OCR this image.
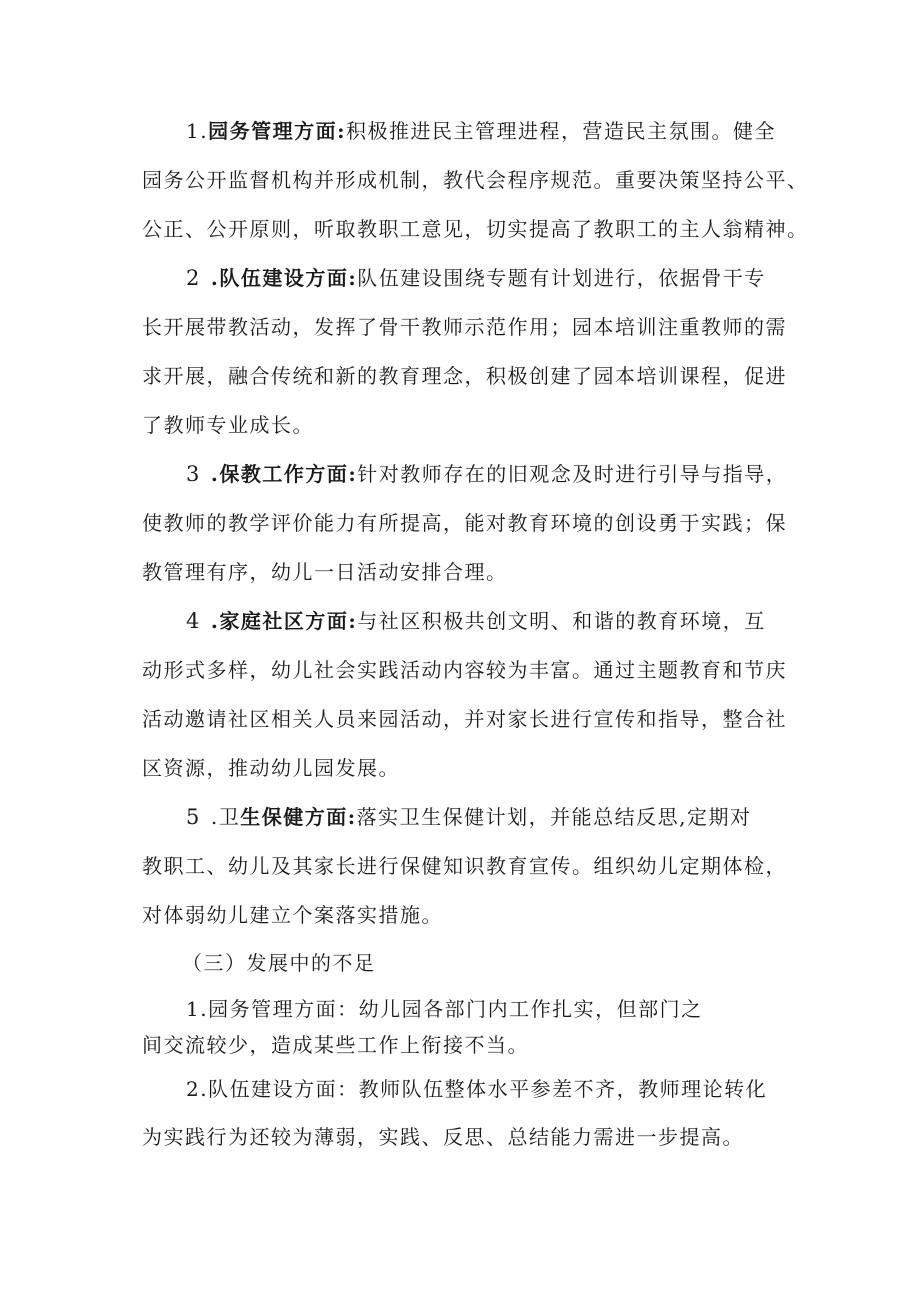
1.园务管理方面:积极推进民主管理进程，营造民主氛围。健全
园务公开监督机构并形成机制，教代会程序规范。重要决策坚持公平、
公正、公开原则，听取教职工意见，切实提高了教职工的主人翁精神。
2 .队伍建设方面:队伍建设围绕专题有计划进行，依据骨干专
长开展带教活动，发挥了骨干教师示范作用；园本培训注重教师的需
求开展，融合传统和新的教育理念，积极创建了园本培训课程，促进
了教师专业成长。
3 .保教工作方面:针对教师存在的旧观念及时进行引导与指导，
使教师的教学评价能力有所提高，能对教育环境的创设勇于实践；保
教管理有序，幼儿一日活动安排合理。
4 .家庭社区方面:与社区积极共创文明、和谐的教育环境，互
动形式多样，幼儿社会实践活动内容较为丰富。通过主题教育和节庆
活动邀请社区相关人员来园活动，并对家长进行宣传和指导，整合社
区资源，推动幼儿园发展。
5 .卫生保健方面:落实卫生保健计划，并能总结反思,定期对
教职工、幼儿及其家长进行保健知识教育宣传。组织幼儿定期体检，
对体弱幼儿建立个案落实措施。
（三）发展中的不足
1.园务管理方面：幼儿园各部门内工作扎实，但部门之
间交流较少，造成某些工作上衔接不当。
2.队伍建设方面：教师队伍整体水平参差不齐，教师理论转化
为实践行为还较为薄弱，实践、反思、总结能力需进一步提高。
